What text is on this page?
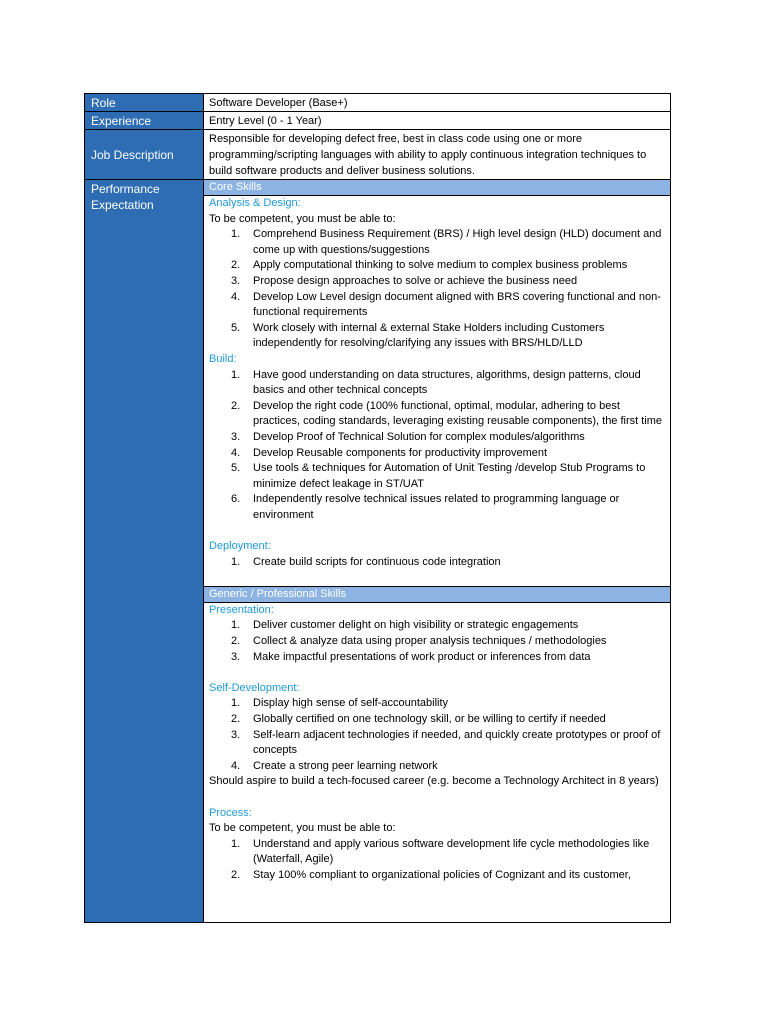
Role	Software Developer (Base+)
Experience	Entry Level (0 - 1 Year)
Job Description
Responsible for developing defect free, best in class code using one or more programming/scripting languages with ability to apply continuous integration techniques to build software products and deliver business solutions.
Performance Expectation
Core Skills
Analysis & Design:
To be competent, you must be able to:
1. Comprehend Business Requirement (BRS) / High level design (HLD) document and come up with questions/suggestions
2. Apply computational thinking to solve medium to complex business problems
3. Propose design approaches to solve or achieve the business need
4. Develop Low Level design document aligned with BRS covering functional and non-functional requirements
5. Work closely with internal & external Stake Holders including Customers independently for resolving/clarifying any issues with BRS/HLD/LLD
Build:
1. Have good understanding on data structures, algorithms, design patterns, cloud basics and other technical concepts
2. Develop the right code (100% functional, optimal, modular, adhering to best practices, coding standards, leveraging existing reusable components), the first time
3. Develop Proof of Technical Solution for complex modules/algorithms
4. Develop Reusable components for productivity improvement
5. Use tools & techniques for Automation of Unit Testing /develop Stub Programs to minimize defect leakage in ST/UAT
6. Independently resolve technical issues related to programming language or environment
Deployment:
1. Create build scripts for continuous code integration
Generic / Professional Skills
Presentation:
1. Deliver customer delight on high visibility or strategic engagements
2. Collect & analyze data using proper analysis techniques / methodologies
3. Make impactful presentations of work product or inferences from data
Self-Development:
1. Display high sense of self-accountability
2. Globally certified on one technology skill, or be willing to certify if needed
3. Self-learn adjacent technologies if needed, and quickly create prototypes or proof of concepts
4. Create a strong peer learning network
Should aspire to build a tech-focused career (e.g. become a Technology Architect in 8 years)
Process:
To be competent, you must be able to:
1. Understand and apply various software development life cycle methodologies like (Waterfall, Agile)
2. Stay 100% compliant to organizational policies of Cognizant and its customer,
